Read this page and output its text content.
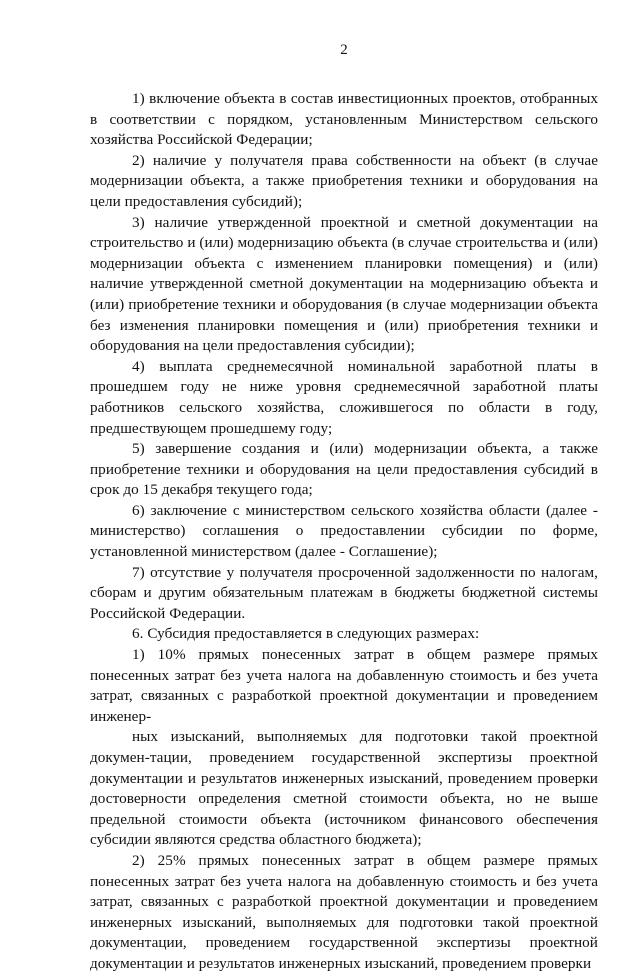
2

1) включение объекта в состав инвестиционных проектов, отобранных в соответствии с порядком, установленным Министерством сельского хозяйства Российской Федерации;

2) наличие у получателя права собственности на объект (в случае модернизации объекта, а также приобретения техники и оборудования на цели предоставления субсидий);

3) наличие утвержденной проектной и сметной документации на строительство и (или) модернизацию объекта (в случае строительства и (или) модернизации объекта с изменением планировки помещения) и (или) наличие утвержденной сметной документации на модернизацию объекта и (или) приобретение техники и оборудования (в случае модернизации объекта без изменения планировки помещения и (или) приобретения техники и оборудования на цели предоставления субсидии);

4) выплата среднемесячной номинальной заработной платы в прошедшем году не ниже уровня среднемесячной заработной платы работников сельского хозяйства, сложившегося по области в году, предшествующем прошедшему году;

5) завершение создания и (или) модернизации объекта, а также приобретение техники и оборудования на цели предоставления субсидий в срок до 15 декабря текущего года;

6) заключение с министерством сельского хозяйства области (далее - министерство) соглашения о предоставлении субсидии по форме, установленной министерством (далее - Соглашение);

7) отсутствие у получателя просроченной задолженности по налогам, сборам и другим обязательным платежам в бюджеты бюджетной системы Российской Федерации.

6. Субсидия предоставляется в следующих размерах:

1) 10% прямых понесенных затрат в общем размере прямых понесенных затрат без учета налога на добавленную стоимость и без учета затрат, связанных с разработкой проектной документации и проведением инженер-

ных изысканий, выполняемых для подготовки такой проектной докумен-тации, проведением государственной экспертизы проектной документации и результатов инженерных изысканий, проведением проверки достоверности определения сметной стоимости объекта, но не выше предельной стоимости объекта (источником финансового обеспечения субсидии являются средства областного бюджета);

2) 25% прямых понесенных затрат в общем размере прямых понесенных затрат без учета налога на добавленную стоимость и без учета затрат, связанных с разработкой проектной документации и проведением инженерных изысканий, выполняемых для подготовки такой проектной документации, проведением государственной экспертизы проектной документации и результатов инженерных изысканий, проведением проверки
